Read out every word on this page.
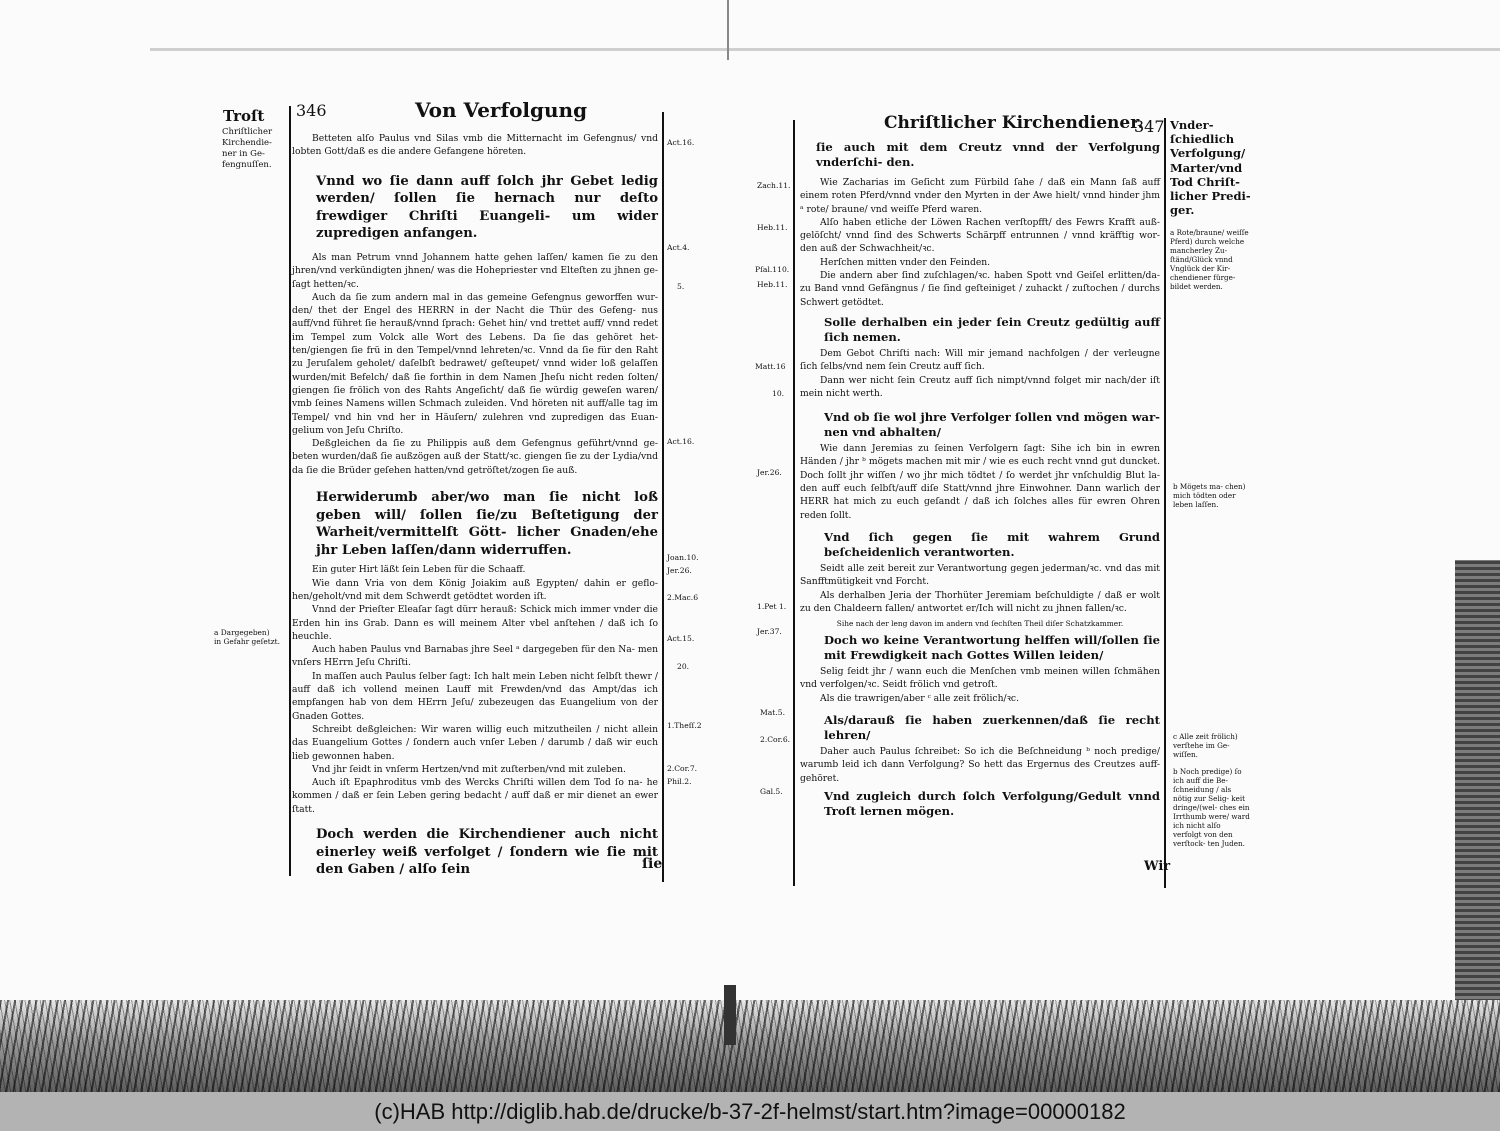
Troſt
Chriſtlicher
Kirchendie-
ner in Ge-
fengnuſſen.
a Dargegeben)
in Gefahr geſetzt.
346	Von Verfolgung

Betteten alſo Paulus vnd Silas vmb die Mitternacht im Gefengnus/ vnd lobten Gott/daß es die andere Gefangene höreten.

Vnnd wo ſie dann auff ſolch jhr Gebet ledig werden/ ſollen ſie hernach nur deſto frewdiger Chriſti Euangeli- um wider zupredigen anfangen.

Als man Petrum vnnd Johannem hatte gehen laſſen/ kamen ſie zu den jhren/vnd verkündigten jhnen/ was die Hohepriester vnd Elteſten zu jhnen ge- ſagt hetten/ꝛc.

Auch da ſie zum andern mal in das gemeine Gefengnus geworffen wur- den/ thet der Engel des HERRN in der Nacht die Thür des Gefeng- nus auff/vnd führet ſie herauß/vnnd ſprach: Gehet hin/ vnd trettet auff/ vnnd redet im Tempel zum Volck alle Wort des Lebens. Da ſie das gehöret het- ten/giengen ſie frü in den Tempel/vnnd lehreten/ꝛc. Vnnd da ſie für den Raht zu Jeruſalem geholet/ daſelbſt bedrawet/ geſteupet/ vnnd wider loß gelaſſen wurden/mit Befelch/ daß ſie forthin in dem Namen Jheſu nicht reden ſolten/ giengen ſie frölich von des Rahts Angeſicht/ daß ſie würdig geweſen waren/ vmb ſeines Namens willen Schmach zuleiden. Vnd höreten nit auff/alle tag im Tempel/ vnd hin vnd her in Häuſern/ zulehren vnd zupredigen das Euan- gelium von Jeſu Chriſto.

Deßgleichen da ſie zu Philippis auß dem Gefengnus geführt/vnnd ge- beten wurden/daß ſie außzögen auß der Statt/ꝛc. giengen ſie zu der Lydia/vnd da ſie die Brüder geſehen hatten/vnd getröſtet/zogen ſie auß.

Herwiderumb aber/wo man ſie nicht loß geben will/ ſollen ſie/zu Beſtetigung der Warheit/vermittelſt Gött- licher Gnaden/ehe jhr Leben laſſen/dann widerruffen.

Ein guter Hirt läßt ſein Leben für die Schaaff.

Wie dann Vria von dem König Joiakim auß Egypten/ dahin er geflo- hen/geholt/vnd mit dem Schwerdt getödtet worden iſt.

Vnnd der Prieſter Eleaſar ſagt dürr herauß: Schick mich immer vnder die Erden hin ins Grab. Dann es will meinem Alter vbel anſtehen / daß ich ſo heuchle.

Auch haben Paulus vnd Barnabas jhre Seel ᵃ dargegeben für den Na- men vnſers HErrn Jeſu Chriſti.

In maſſen auch Paulus ſelber ſagt: Ich halt mein Leben nicht ſelbſt thewr / auff daß ich vollend meinen Lauff mit Frewden/vnd das Ampt/das ich empfangen hab von dem HErrn Jeſu/ zubezeugen das Euangelium von der Gnaden Gottes.

Schreibt deßgleichen: Wir waren willig euch mitzutheilen / nicht allein das Euangelium Gottes / ſondern auch vnſer Leben / darumb / daß wir euch lieb gewonnen haben.

Vnd jhr ſeidt in vnſerm Hertzen/vnd mit zuſterben/vnd mit zuleben.

Auch iſt Epaphroditus vmb des Wercks Chriſti willen dem Tod ſo na- he kommen / daß er ſein Leben gering bedacht / auff daß er mir dienet an ewer ſtatt.

Doch werden die Kirchendiener auch nicht einerley weiß verfolget / ſondern wie ſie mit den Gaben / alſo ſein	ſie
Act.16.
Act.4.
5.
Act.16.
Joan.10.
Jer.26.
2.Mac.6
Act.15.
20.
1.Theſſ.2
2.Cor.7.
Phil.2.
Chriſtlicher Kirchendiener.
347 Vnder-
ſchiedlich
Verfolgung/
Marter/vnd
Tod Chriſt-
licher Predi-
ger.

ſie auch mit dem Creutz vnnd der Verfolgung vnderſchi- den.

Wie Zacharias im Geſicht zum Fürbild ſahe / daß ein Mann ſaß auff einem roten Pferd/vnnd vnder den Myrten in der Awe hielt/ vnnd hinder jhm ᵃ rote/ braune/ vnd weiſſe Pferd waren.

Alſo haben etliche der Löwen Rachen verſtopfft/ des Fewrs Krafft auß- gelöſcht/ vnnd ſind des Schwerts Schärpff entrunnen / vnnd kräfftig wor- den auß der Schwachheit/ꝛc.

Herſchen mitten vnder den Feinden.

Die andern aber ſind zuſchlagen/ꝛc. haben Spott vnd Geiſel erlitten/da- zu Band vnnd Gefängnus / ſie ſind geſteiniget / zuhackt / zuſtochen / durchs Schwert getödtet.

Solle derhalben ein jeder ſein Creutz gedültig auff ſich nemen.

Dem Gebot Chriſti nach: Will mir jemand nachfolgen / der verleugne ſich ſelbs/vnd nem ſein Creutz auff ſich.

Dann wer nicht ſein Creutz auff ſich nimpt/vnnd folget mir nach/der iſt mein nicht werth.

Vnd ob ſie wol jhre Verfolger ſollen vnd mögen war- nen vnd abhalten/

Wie dann Jeremias zu ſeinen Verfolgern ſagt: Sihe ich bin in ewren Händen / jhr ᵇ mögets machen mit mir / wie es euch recht vnnd gut duncket. Doch ſollt jhr wiſſen / wo jhr mich tödtet / ſo werdet jhr vnſchuldig Blut la- den auff euch ſelbſt/auff diſe Statt/vnnd jhre Einwohner. Dann warlich der HERR hat mich zu euch geſandt / daß ich ſolches alles für ewren Ohren reden ſollt.

Vnd ſich gegen ſie mit wahrem Grund beſcheidenlich verantworten.

Seidt alle zeit bereit zur Verantwortung gegen jederman/ꝛc. vnd das mit Sanfftmütigkeit vnd Forcht.

Als derhalben Jeria der Thorhüter Jeremiam beſchuldigte / daß er wolt zu den Chaldeern fallen/ antwortet er/Ich will nicht zu jhnen fallen/ꝛc.

Sihe nach der leng davon im andern vnd ſechſten Theil diſer Schatzkammer.

Doch wo keine Verantwortung helffen will/ſollen ſie mit Frewdigkeit nach Gottes Willen leiden/

Selig ſeidt jhr / wann euch die Menſchen vmb meinen willen ſchmähen vnd verfolgen/ꝛc. Seidt frölich vnd getroſt.

Als die trawrigen/aber ᶜ alle zeit frölich/ꝛc.

Als/darauß ſie haben zuerkennen/daß ſie recht lehren/

Daher auch Paulus ſchreibet: So ich die Beſchneidung ᵇ noch predige/ warumb leid ich dann Verfolgung? So hett das Ergernus des Creutzes auff- gehöret.

Vnd zugleich durch ſolch Verfolgung/Gedult vnnd Troſt lernen mögen.

Wir
Zach.11.
Heb.11.
Pſal.110.
Heb.11.
Matt.16
10.
Jer.26.
1.Pet 1.
Jer.37.
Mat.5.
2.Cor.6.
Gal.5.
a Rote/braune/ weiſſe Pferd) durch welche mancherley Zu- ſtänd/Glück vnnd Vnglück der Kir- chendiener fürge- bildet werden.
b Mögets ma- chen) mich tödten oder leben laſſen.
c Alle zeit frölich) verſtehe im Ge- wiſſen.
b Noch predige) ſo ich auff die Be- ſchneidung / als nötig zur Selig- keit dringe/(wel- ches ein Irrthumb were/ ward ich nicht alſo verfolgt von den verſtock- ten Juden.
(c)HAB http://diglib.hab.de/drucke/b-37-2f-helmst/start.htm?image=00000182
